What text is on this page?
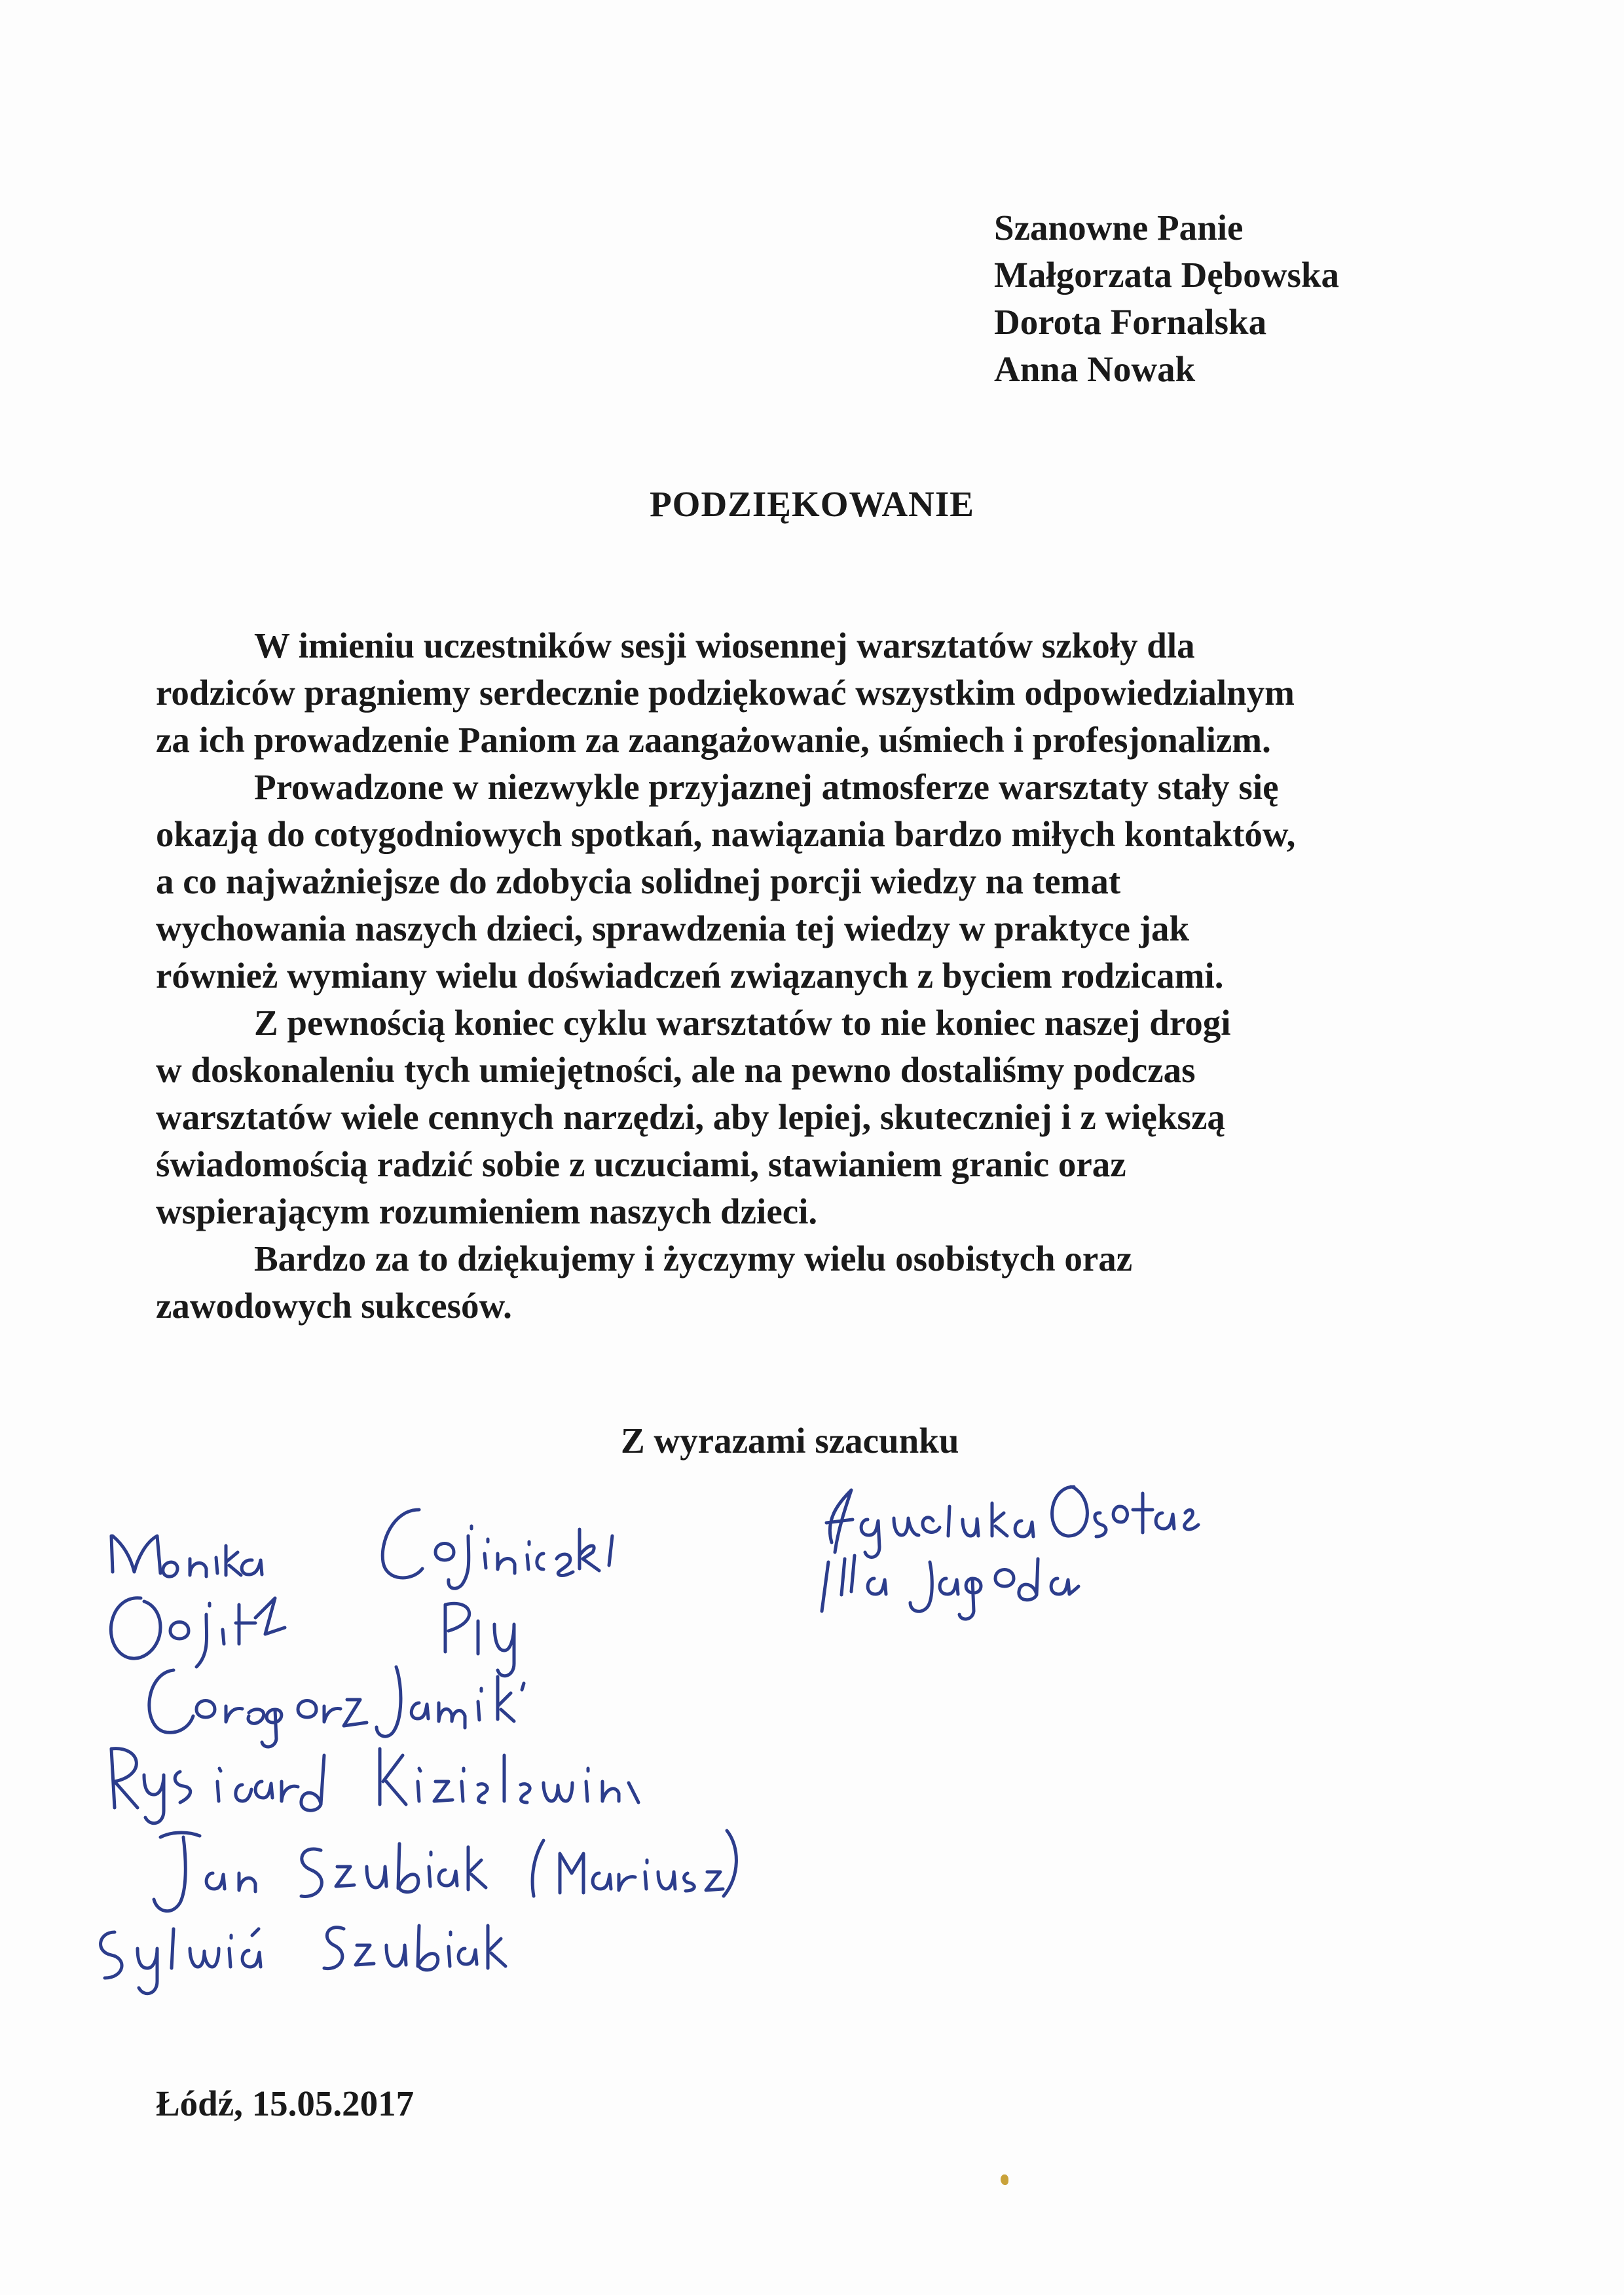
Szanowne Panie
Małgorzata Dębowska
Dorota Fornalska
Anna Nowak
PODZIĘKOWANIE
W imieniu uczestników sesji wiosennej warsztatów szkoły dla
rodziców pragniemy serdecznie podziękować wszystkim odpowiedzialnym
za ich prowadzenie Paniom za zaangażowanie, uśmiech i profesjonalizm.
Prowadzone w niezwykle przyjaznej atmosferze warsztaty stały się
okazją do cotygodniowych spotkań, nawiązania bardzo miłych kontaktów,
a co najważniejsze do zdobycia solidnej porcji wiedzy na temat
wychowania naszych dzieci, sprawdzenia tej wiedzy w praktyce jak
również wymiany wielu doświadczeń związanych z byciem rodzicami.
Z pewnością koniec cyklu warsztatów to nie koniec naszej drogi
w doskonaleniu tych umiejętności, ale na pewno dostaliśmy podczas
warsztatów wiele cennych narzędzi, aby lepiej, skuteczniej i z większą
świadomością radzić sobie z uczuciami, stawianiem granic oraz
wspierającym rozumieniem naszych dzieci.
Bardzo za to dziękujemy i życzymy wielu osobistych oraz
zawodowych sukcesów.
Z wyrazami szacunku
Łódź, 15.05.2017
